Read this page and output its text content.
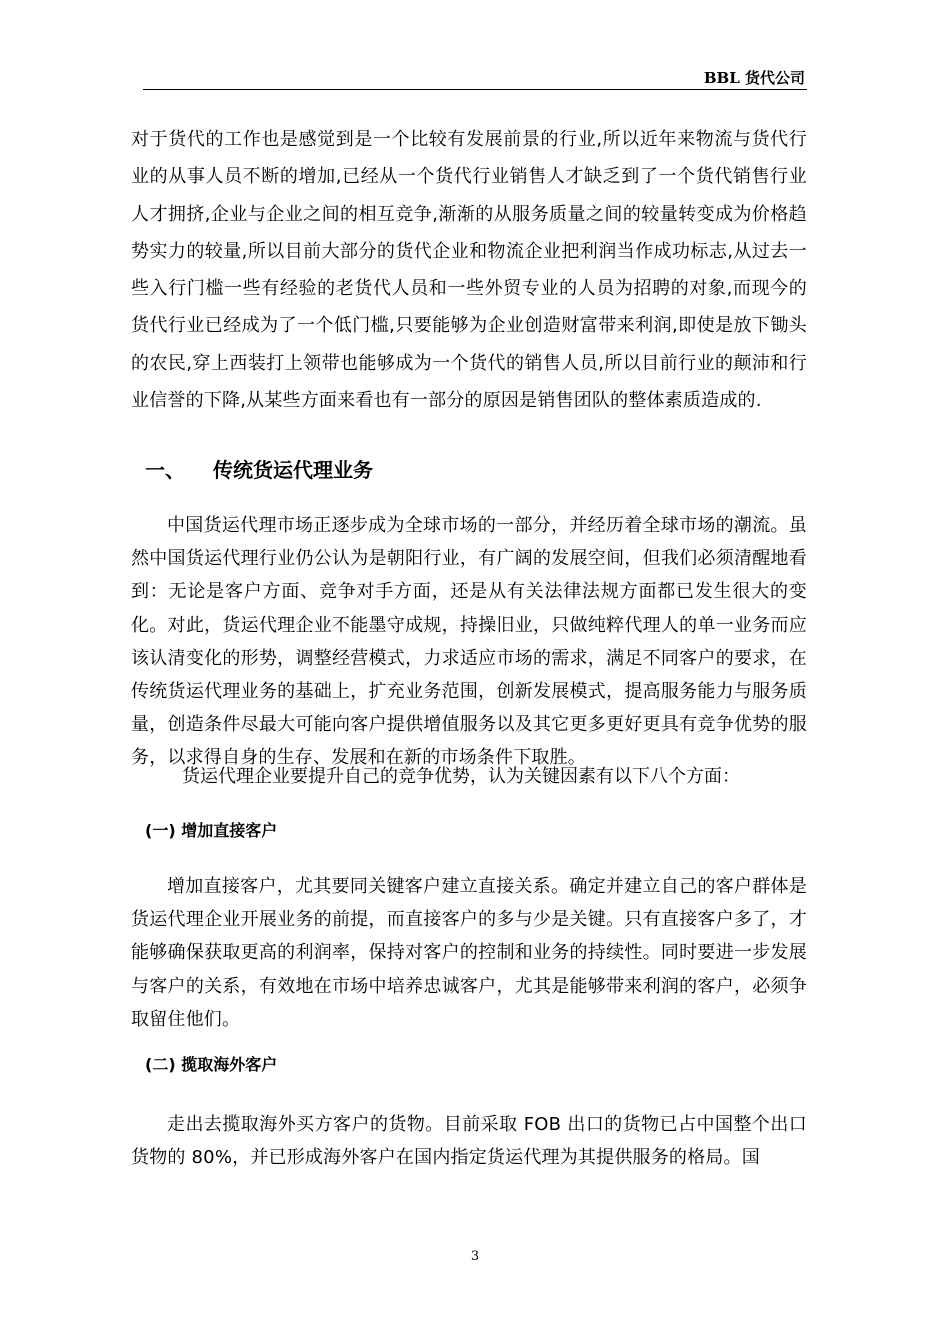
BBL 货代公司

对于货代的工作也是感觉到是一个比较有发展前景的行业,所以近年来物流与货代行业的从事人员不断的增加,已经从一个货代行业销售人才缺乏到了一个货代销售行业人才拥挤,企业与企业之间的相互竞争,渐渐的从服务质量之间的较量转变成为价格趋势实力的较量,所以目前大部分的货代企业和物流企业把利润当作成功标志,从过去一些入行门槛一些有经验的老货代人员和一些外贸专业的人员为招聘的对象,而现今的货代行业已经成为了一个低门槛,只要能够为企业创造财富带来利润,即使是放下锄头的农民,穿上西装打上领带也能够成为一个货代的销售人员,所以目前行业的颠沛和行业信誉的下降,从某些方面来看也有一部分的原因是销售团队的整体素质造成的.

一、 传统货运代理业务

中国货运代理市场正逐步成为全球市场的一部分，并经历着全球市场的潮流。虽然中国货运代理行业仍公认为是朝阳行业，有广阔的发展空间，但我们必须清醒地看到：无论是客户方面、竞争对手方面，还是从有关法律法规方面都已发生很大的变化。对此，货运代理企业不能墨守成规，持操旧业，只做纯粹代理人的单一业务而应该认清变化的形势，调整经营模式，力求适应市场的需求，满足不同客户的要求，在传统货运代理业务的基础上，扩充业务范围，创新发展模式，提高服务能力与服务质量，创造条件尽最大可能向客户提供增值服务以及其它更多更好更具有竞争优势的服务，以求得自身的生存、发展和在新的市场条件下取胜。

货运代理企业要提升自己的竞争优势，认为关键因素有以下八个方面：

(一) 增加直接客户

增加直接客户，尤其要同关键客户建立直接关系。确定并建立自己的客户群体是货运代理企业开展业务的前提，而直接客户的多与少是关键。只有直接客户多了，才能够确保获取更高的利润率，保持对客户的控制和业务的持续性。同时要进一步发展与客户的关系，有效地在市场中培养忠诚客户，尤其是能够带来利润的客户，必须争取留住他们。

(二) 揽取海外客户

走出去揽取海外买方客户的货物。目前采取 FOB 出口的货物已占中国整个出口货物的 80%，并已形成海外客户在国内指定货运代理为其提供服务的格局。国

3
